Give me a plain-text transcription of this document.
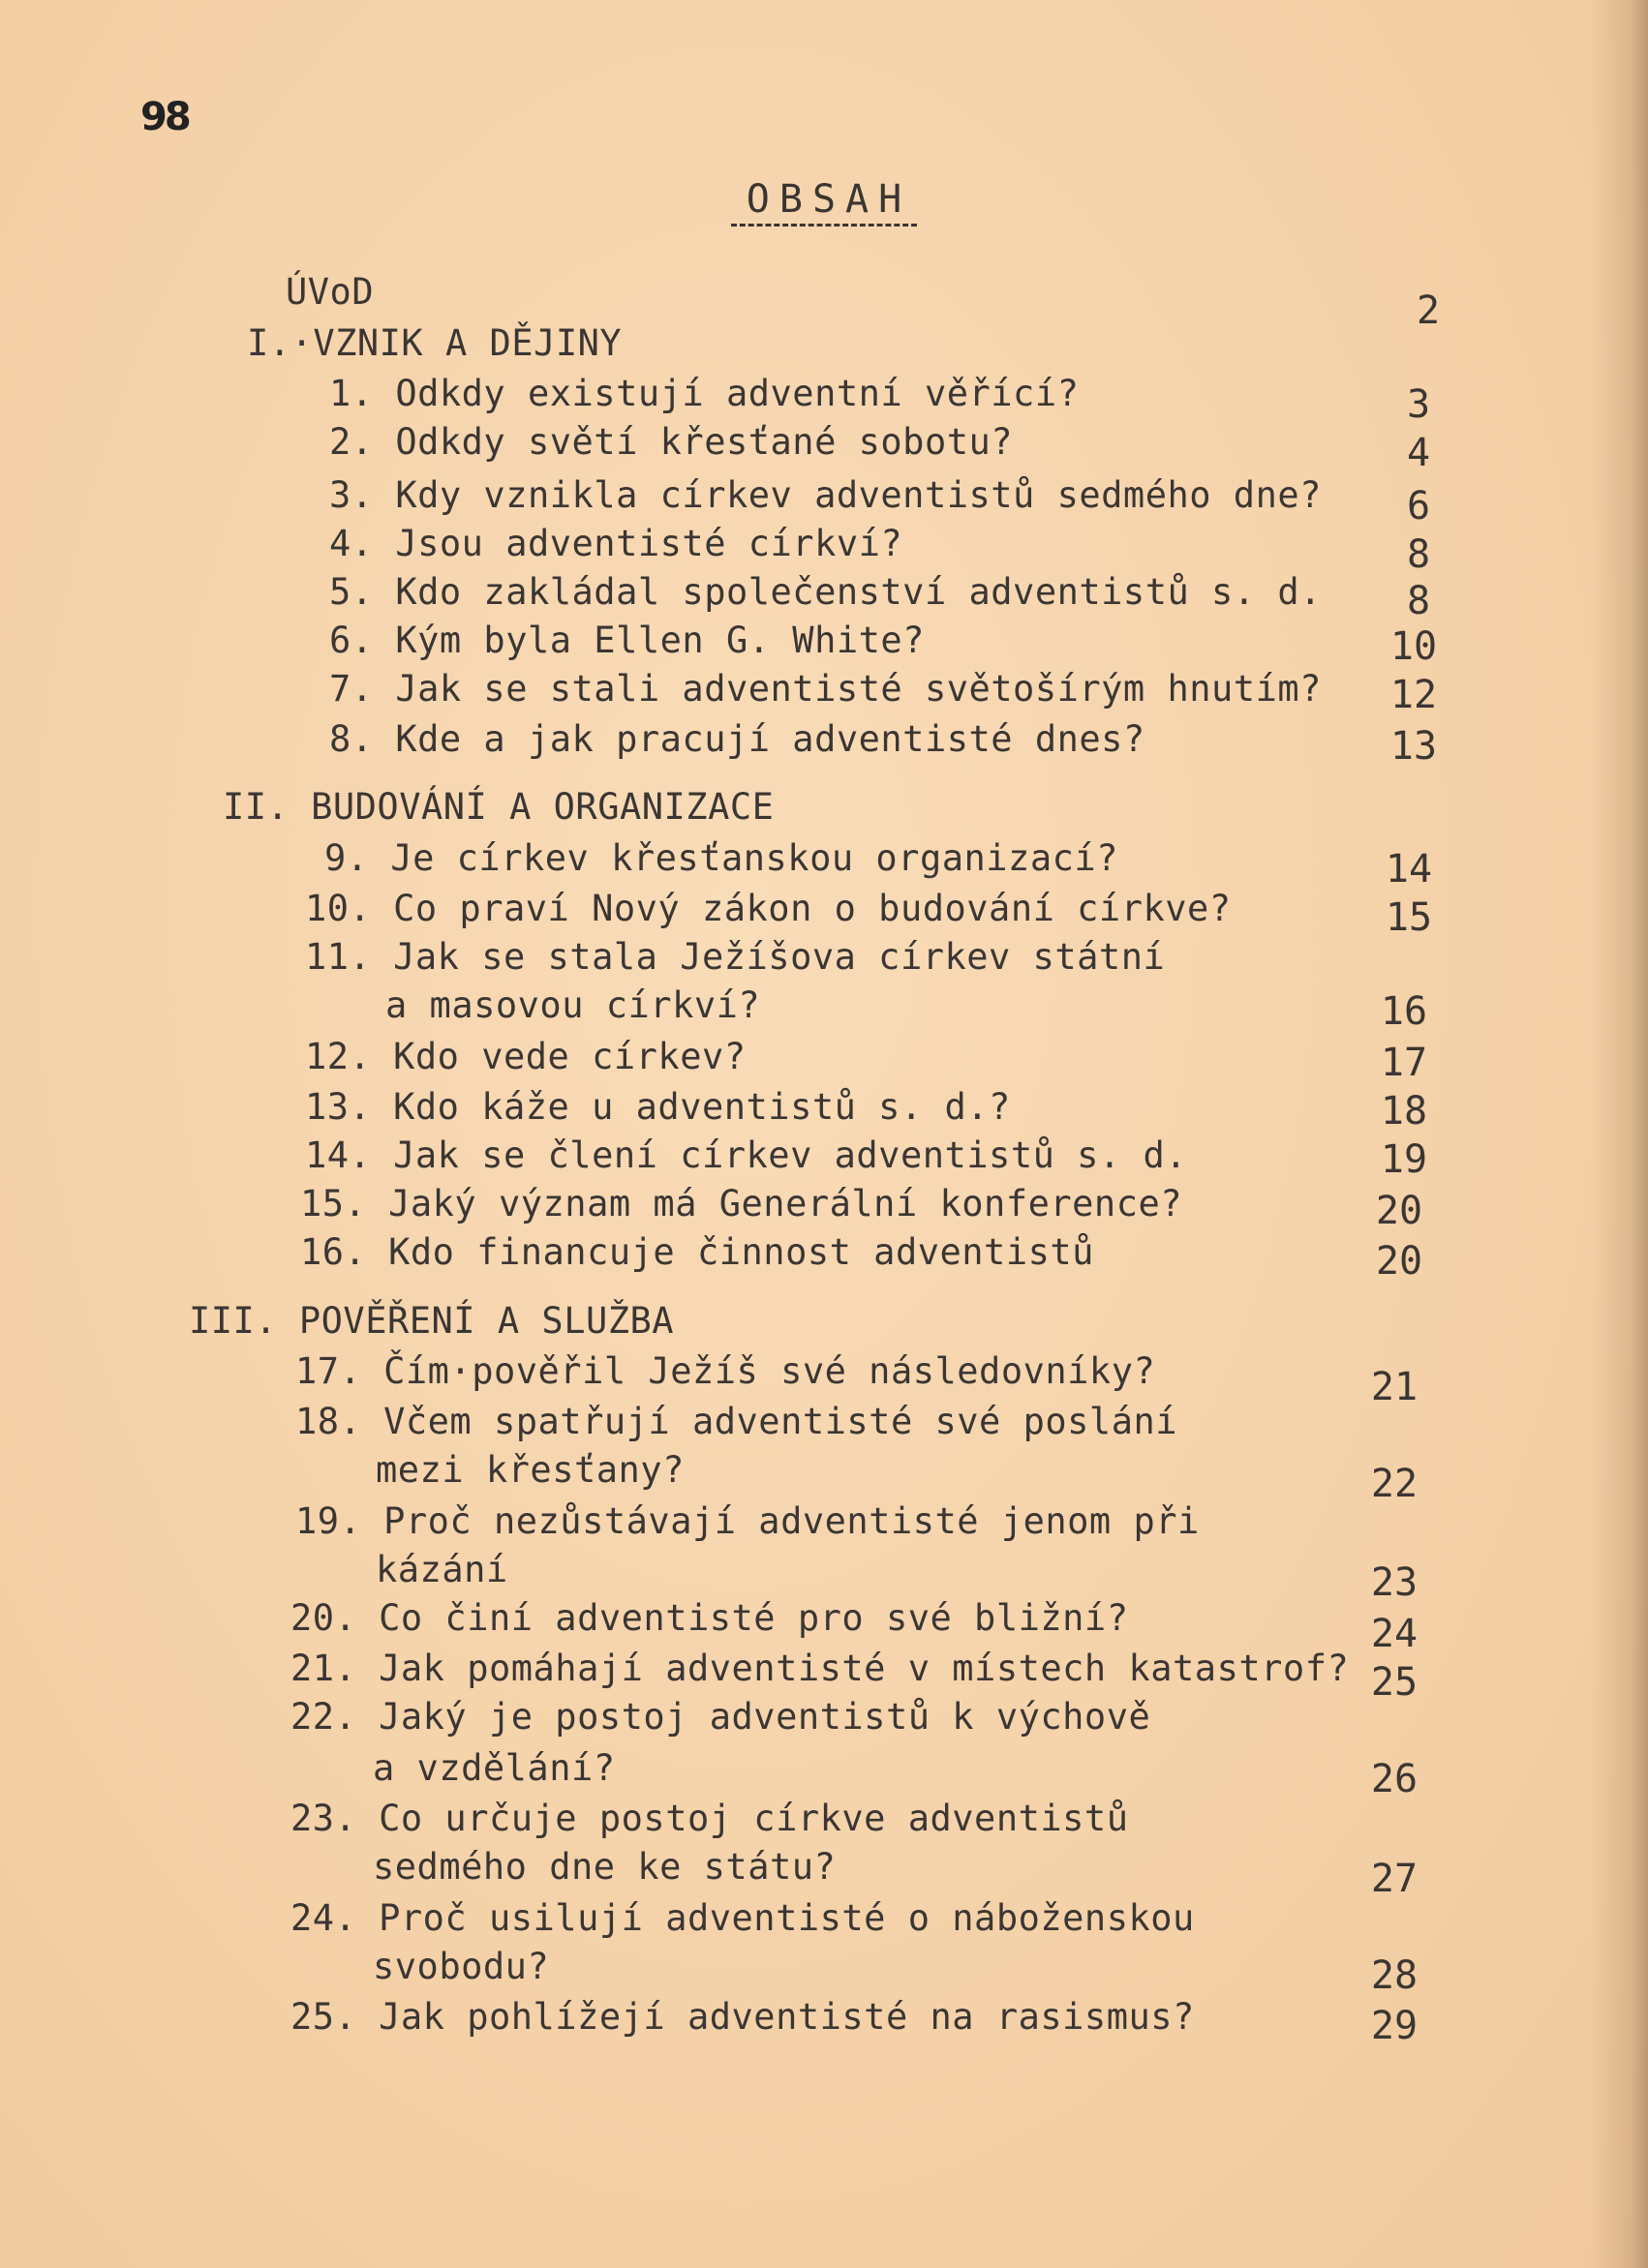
98
OBSAH
ÚVoD	2
I.·VZNIK A DĚJINY
1. Odkdy existují adventní věřící?	3
2. Odkdy světí křesťané sobotu?	4
3. Kdy vznikla církev adventistů sedmého dne?	6
4. Jsou adventisté církví?	8
5. Kdo zakládal společenství adventistů s. d.	8
6. Kým byla Ellen G. White?	10
7. Jak se stali adventisté světošírým hnutím?	12
8. Kde a jak pracují adventisté dnes?	13
II. BUDOVÁNÍ A ORGANIZACE
9. Je církev křesťanskou organizací?	14
10. Co praví Nový zákon o budování církve?	15
11. Jak se stala Ježíšova církev státní
a masovou církví?	16
12. Kdo vede církev?	17
13. Kdo káže u adventistů s. d.?	18
14. Jak se člení církev adventistů s. d.	19
15. Jaký význam má Generální konference?	20
16. Kdo financuje činnost adventistů	20
III. POVĚŘENÍ A SLUŽBA
17. Čím·pověřil Ježíš své následovníky?	21
18. Včem spatřují adventisté své poslání
mezi křesťany?	22
19. Proč nezůstávají adventisté jenom při
kázání	23
20. Co činí adventisté pro své bližní?	24
21. Jak pomáhají adventisté v místech katastrof? 25
22. Jaký je postoj adventistů k výchově
a vzdělání?	26
23. Co určuje postoj církve adventistů
sedmého dne ke státu?	27
24. Proč usilují adventisté o náboženskou
svobodu?	28
25. Jak pohlížejí adventisté na rasismus?	29
